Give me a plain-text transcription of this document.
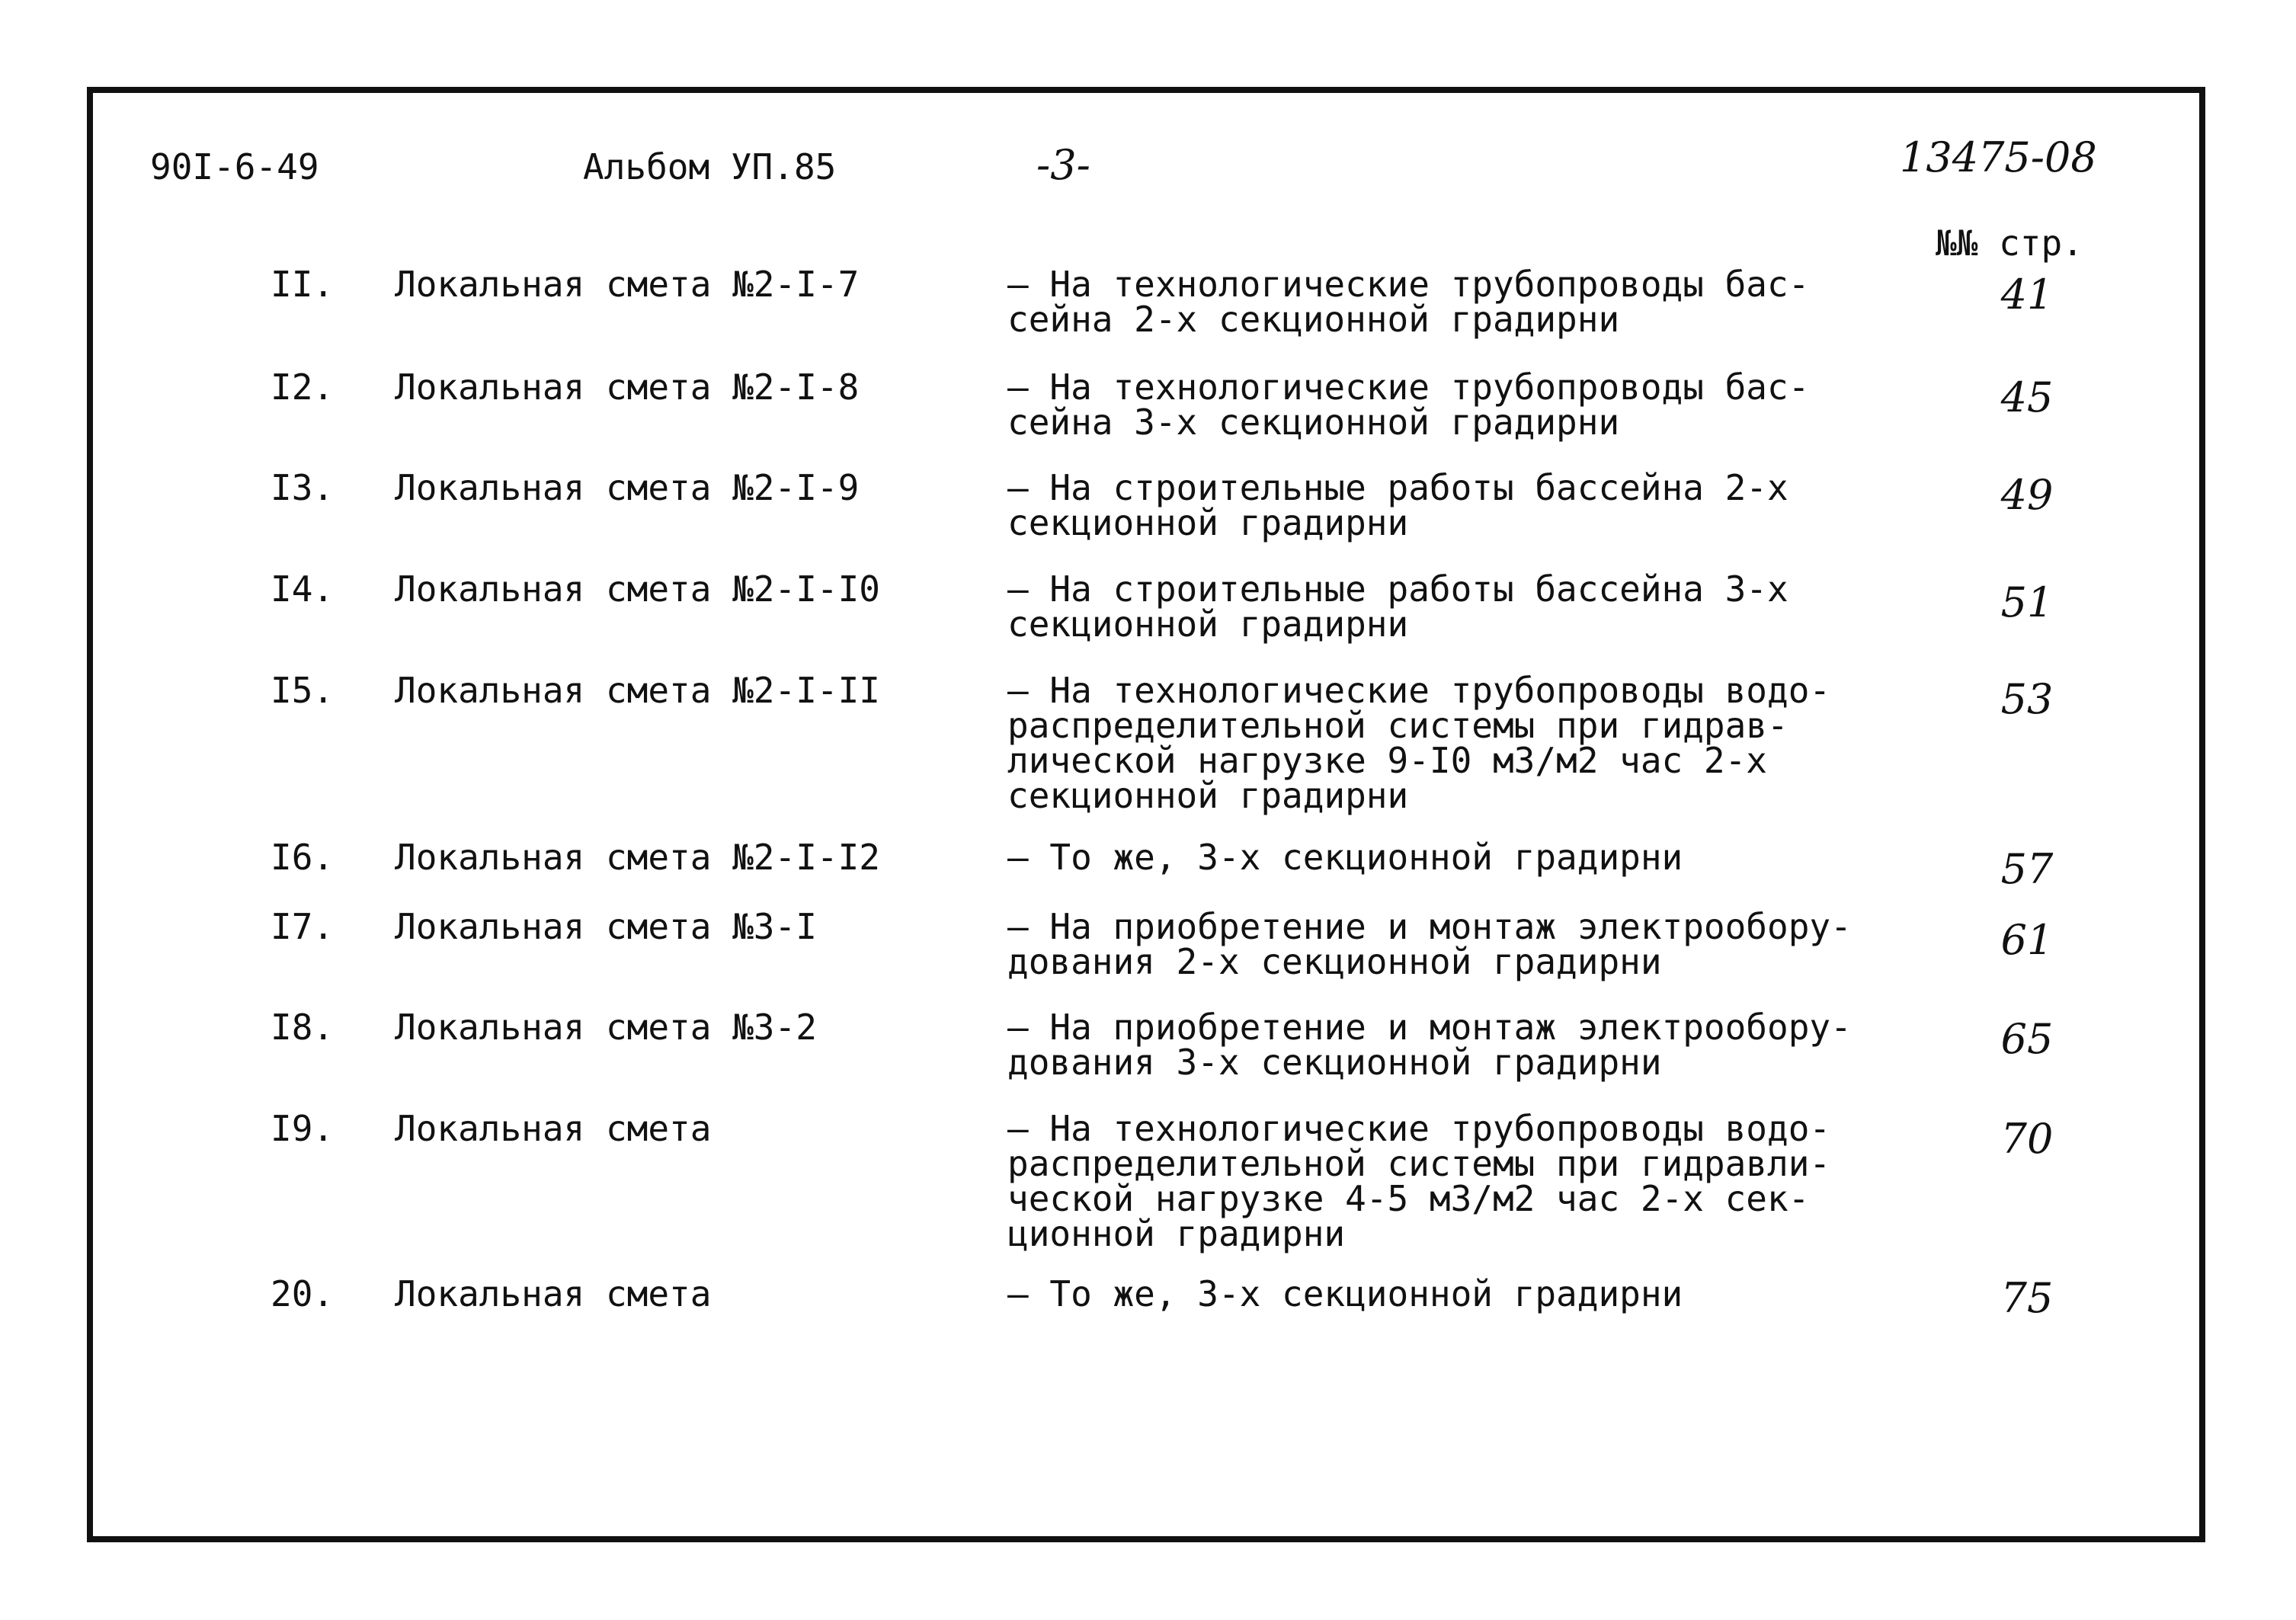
90I-6-49	Альбом УП.85	-3-	13475-08
№№ стр.
II. Локальная смета №2-I-7	– На технологические трубопроводы бас-
сейна 2-х секционной градирни
41
I2. Локальная смета №2-I-8	– На технологические трубопроводы бас-
сейна 3-х секционной градирни
45
I3. Локальная смета №2-I-9	– На строительные работы бассейна 2-х
секционной градирни
49
I4. Локальная смета №2-I-I0	– На строительные работы бассейна 3-х
секционной градирни	51
I5. Локальная смета №2-I-II	– На технологические трубопроводы водо-
распределительной системы при гидрав-
лической нагрузке 9-I0 м3/м2 час 2-х
секционной градирни
53
I6. Локальная смета №2-I-I2	– То же, 3-х секционной градирни	57
I7. Локальная смета №3-I	– На приобретение и монтаж электрообору-
дования 2-х секционной градирни	61
I8. Локальная смета №3-2	– На приобретение и монтаж электрообору-
дования 3-х секционной градирни	65
I9. Локальная смета	– На технологические трубопроводы водо-
распределительной системы при гидравли-
ческой нагрузке 4-5 м3/м2 час 2-х сек-
ционной градирни
70
20. Локальная смета	– То же, 3-х секционной градирни	75
